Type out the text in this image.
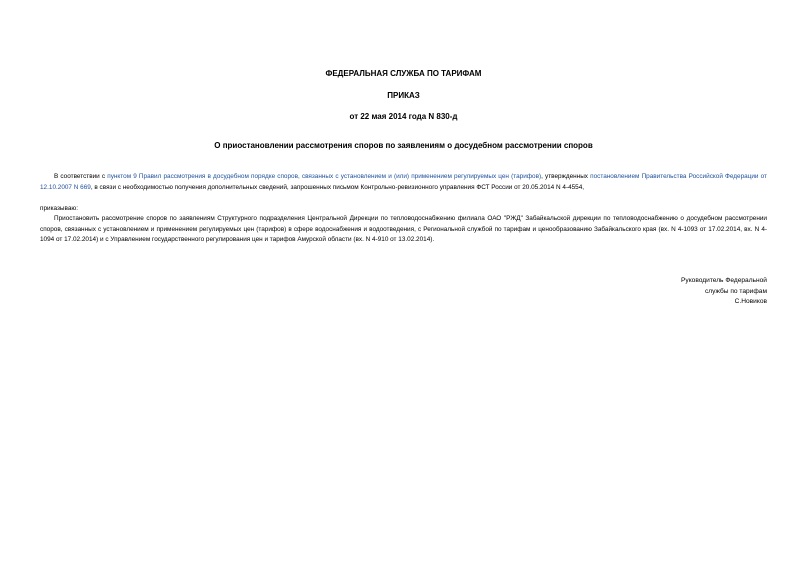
ФЕДЕРАЛЬНАЯ СЛУЖБА ПО ТАРИФАМ
ПРИКАЗ
от 22 мая 2014 года N 830-д
О приостановлении рассмотрения споров по заявлениям о досудебном рассмотрении споров
В соответствии с пунктом 9 Правил рассмотрения в досудебном порядке споров, связанных с установлением и (или) применением регулируемых цен (тарифов), утвержденных постановлением Правительства Российской Федерации от 12.10.2007 N 669, в связи с необходимостью получения дополнительных сведений, запрошенных письмом Контрольно-ревизионного управления ФСТ России от 20.05.2014 N 4-4554,
приказываю:
Приостановить рассмотрение споров по заявлениям Структурного подразделения Центральной Дирекции по тепловодоснабжению филиала ОАО "РЖД" Забайкальской дирекции по тепловодоснабжению о досудебном рассмотрении споров, связанных с установлением и применением регулируемых цен (тарифов) в сфере водоснабжения и водоотведения, с Региональной службой по тарифам и ценообразованию Забайкальского края (вх. N 4-1093 от 17.02.2014, вх. N 4-1094 от 17.02.2014) и с Управлением государственного регулирования цен и тарифов Амурской области (вх. N 4-910 от 13.02.2014).
Руководитель Федеральной
службы по тарифам
С.Новиков
